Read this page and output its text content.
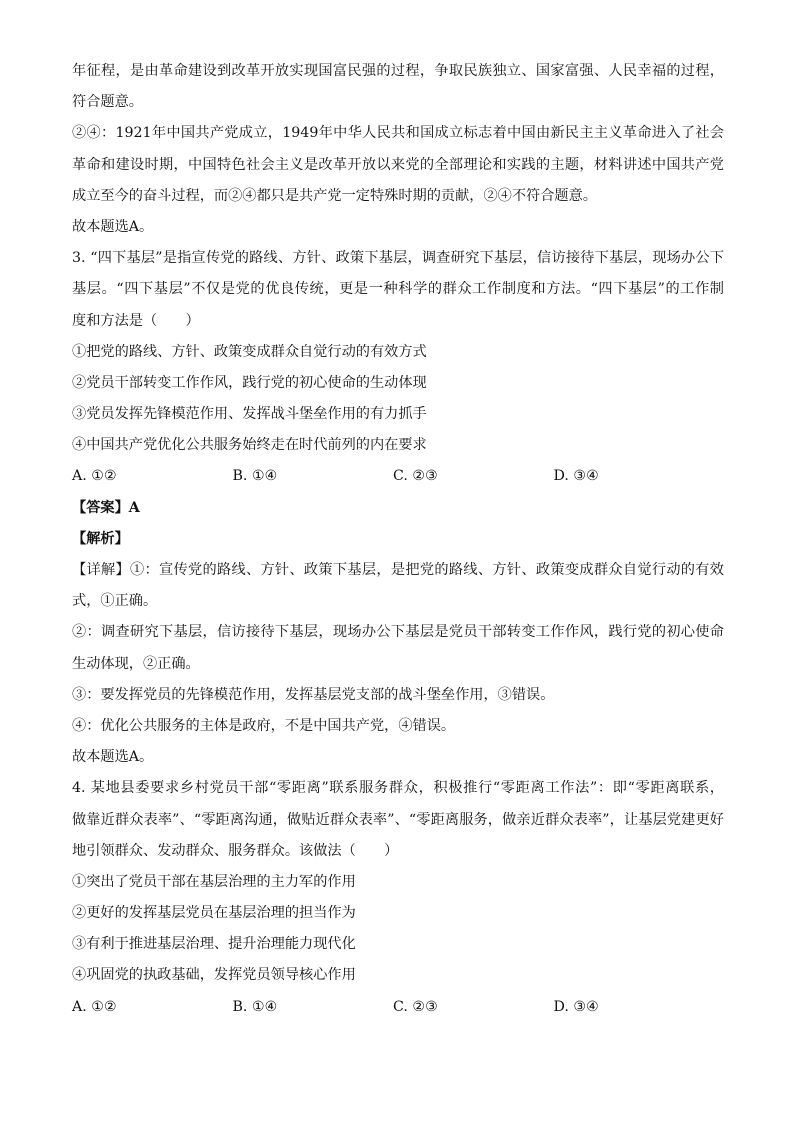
年征程，是由革命建设到改革开放实现国富民强的过程，争取民族独立、国家富强、人民幸福的过程，
符合题意。
②④：1921年中国共产党成立，1949年中华人民共和国成立标志着中国由新民主主义革命进入了社会
革命和建设时期，中国特色社会主义是改革开放以来党的全部理论和实践的主题，材料讲述中国共产党
成立至今的奋斗过程，而②④都只是共产党一定特殊时期的贡献，②④不符合题意。
故本题选A。
3. “四下基层”是指宣传党的路线、方针、政策下基层，调查研究下基层，信访接待下基层，现场办公下
基层。“四下基层”不仅是党的优良传统，更是一种科学的群众工作制度和方法。“四下基层”的工作制
度和方法是（　　）
①把党的路线、方针、政策变成群众自觉行动的有效方式
②党员干部转变工作作风，践行党的初心使命的生动体现
③党员发挥先锋模范作用、发挥战斗堡垒作用的有力抓手
④中国共产党优化公共服务始终走在时代前列的内在要求
A. ①②	B. ①④	C. ②③	D. ③④
【答案】A
【解析】
【详解】①：宣传党的路线、方针、政策下基层，是把党的路线、方针、政策变成群众自觉行动的有效
式，①正确。
②：调查研究下基层，信访接待下基层，现场办公下基层是党员干部转变工作作风，践行党的初心使命
生动体现，②正确。
③：要发挥党员的先锋模范作用，发挥基层党支部的战斗堡垒作用，③错误。
④：优化公共服务的主体是政府，不是中国共产党，④错误。
故本题选A。
4. 某地县委要求乡村党员干部“零距离”联系服务群众，积极推行“零距离工作法”：即“零距离联系，
做靠近群众表率”、“零距离沟通，做贴近群众表率”、“零距离服务，做亲近群众表率”，让基层党建更好
地引领群众、发动群众、服务群众。该做法（　　）
①突出了党员干部在基层治理的主力军的作用
②更好的发挥基层党员在基层治理的担当作为
③有利于推进基层治理、提升治理能力现代化
④巩固党的执政基础，发挥党员领导核心作用
A. ①②	B. ①④	C. ②③	D. ③④
